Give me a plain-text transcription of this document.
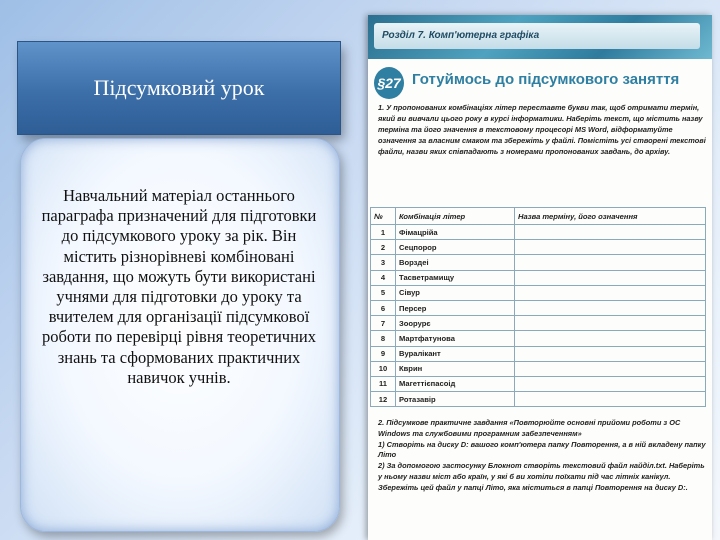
Підсумковий урок
Навчальний матеріал останнього параграфа призначений для підготовки до підсумкового уроку за рік. Він містить різнорівневі комбіновані завдання, що можуть бути використані учнями для підготовки до уроку та вчителем для організації підсумкової роботи по перевірці рівня теоретичних знань та сформованих практичних навичок учнів.
Розділ 7. Комп'ютерна графіка
§27 Готуймось до підсумкового заняття
1. У пропонованих комбінаціях літер переставте букви так, щоб отримати термін, який ви вивчали цього року в курсі інформатики. Наберіть текст, що містить назву терміна та його значення в текстовому процесорі MS Word, відформатуйте означення за власним смаком та збережіть у файлі. Помістіть усі створені текстові файли, назви яких співпадають з номерами пропонованих завдань, до архіву.
№	Комбінація літер	Назва терміну, його означення
1	Фімацрійа	
2	Сецпорор	
3	Ворздеі	
4	Тасветрамищу	
5	Сівур	
6	Персер	
7	Зоорурє	
8	Мартфатунова	
9	Вуралікант	
10	Кврин	
11	Магеттієпасоід	
12	Ротазавір	

2. Підсумкове практичне завдання «Повторюйте основні прийоми роботи з ОС Windows та службовими програмним забезпеченням»

1) Створіть на диску D: вашого комп'ютера папку Повторення, а в ній вкладену папку Літо

2) За допомогою застосунку Блокнот створіть текстовий файл найділ.txt. Наберіть у ньому назви міст або країн, у які б ви хотіли поїхати під час літніх канікул. Збережіть цей файл у папці Літо, яка міститься в папці Повторення на диску D:.
